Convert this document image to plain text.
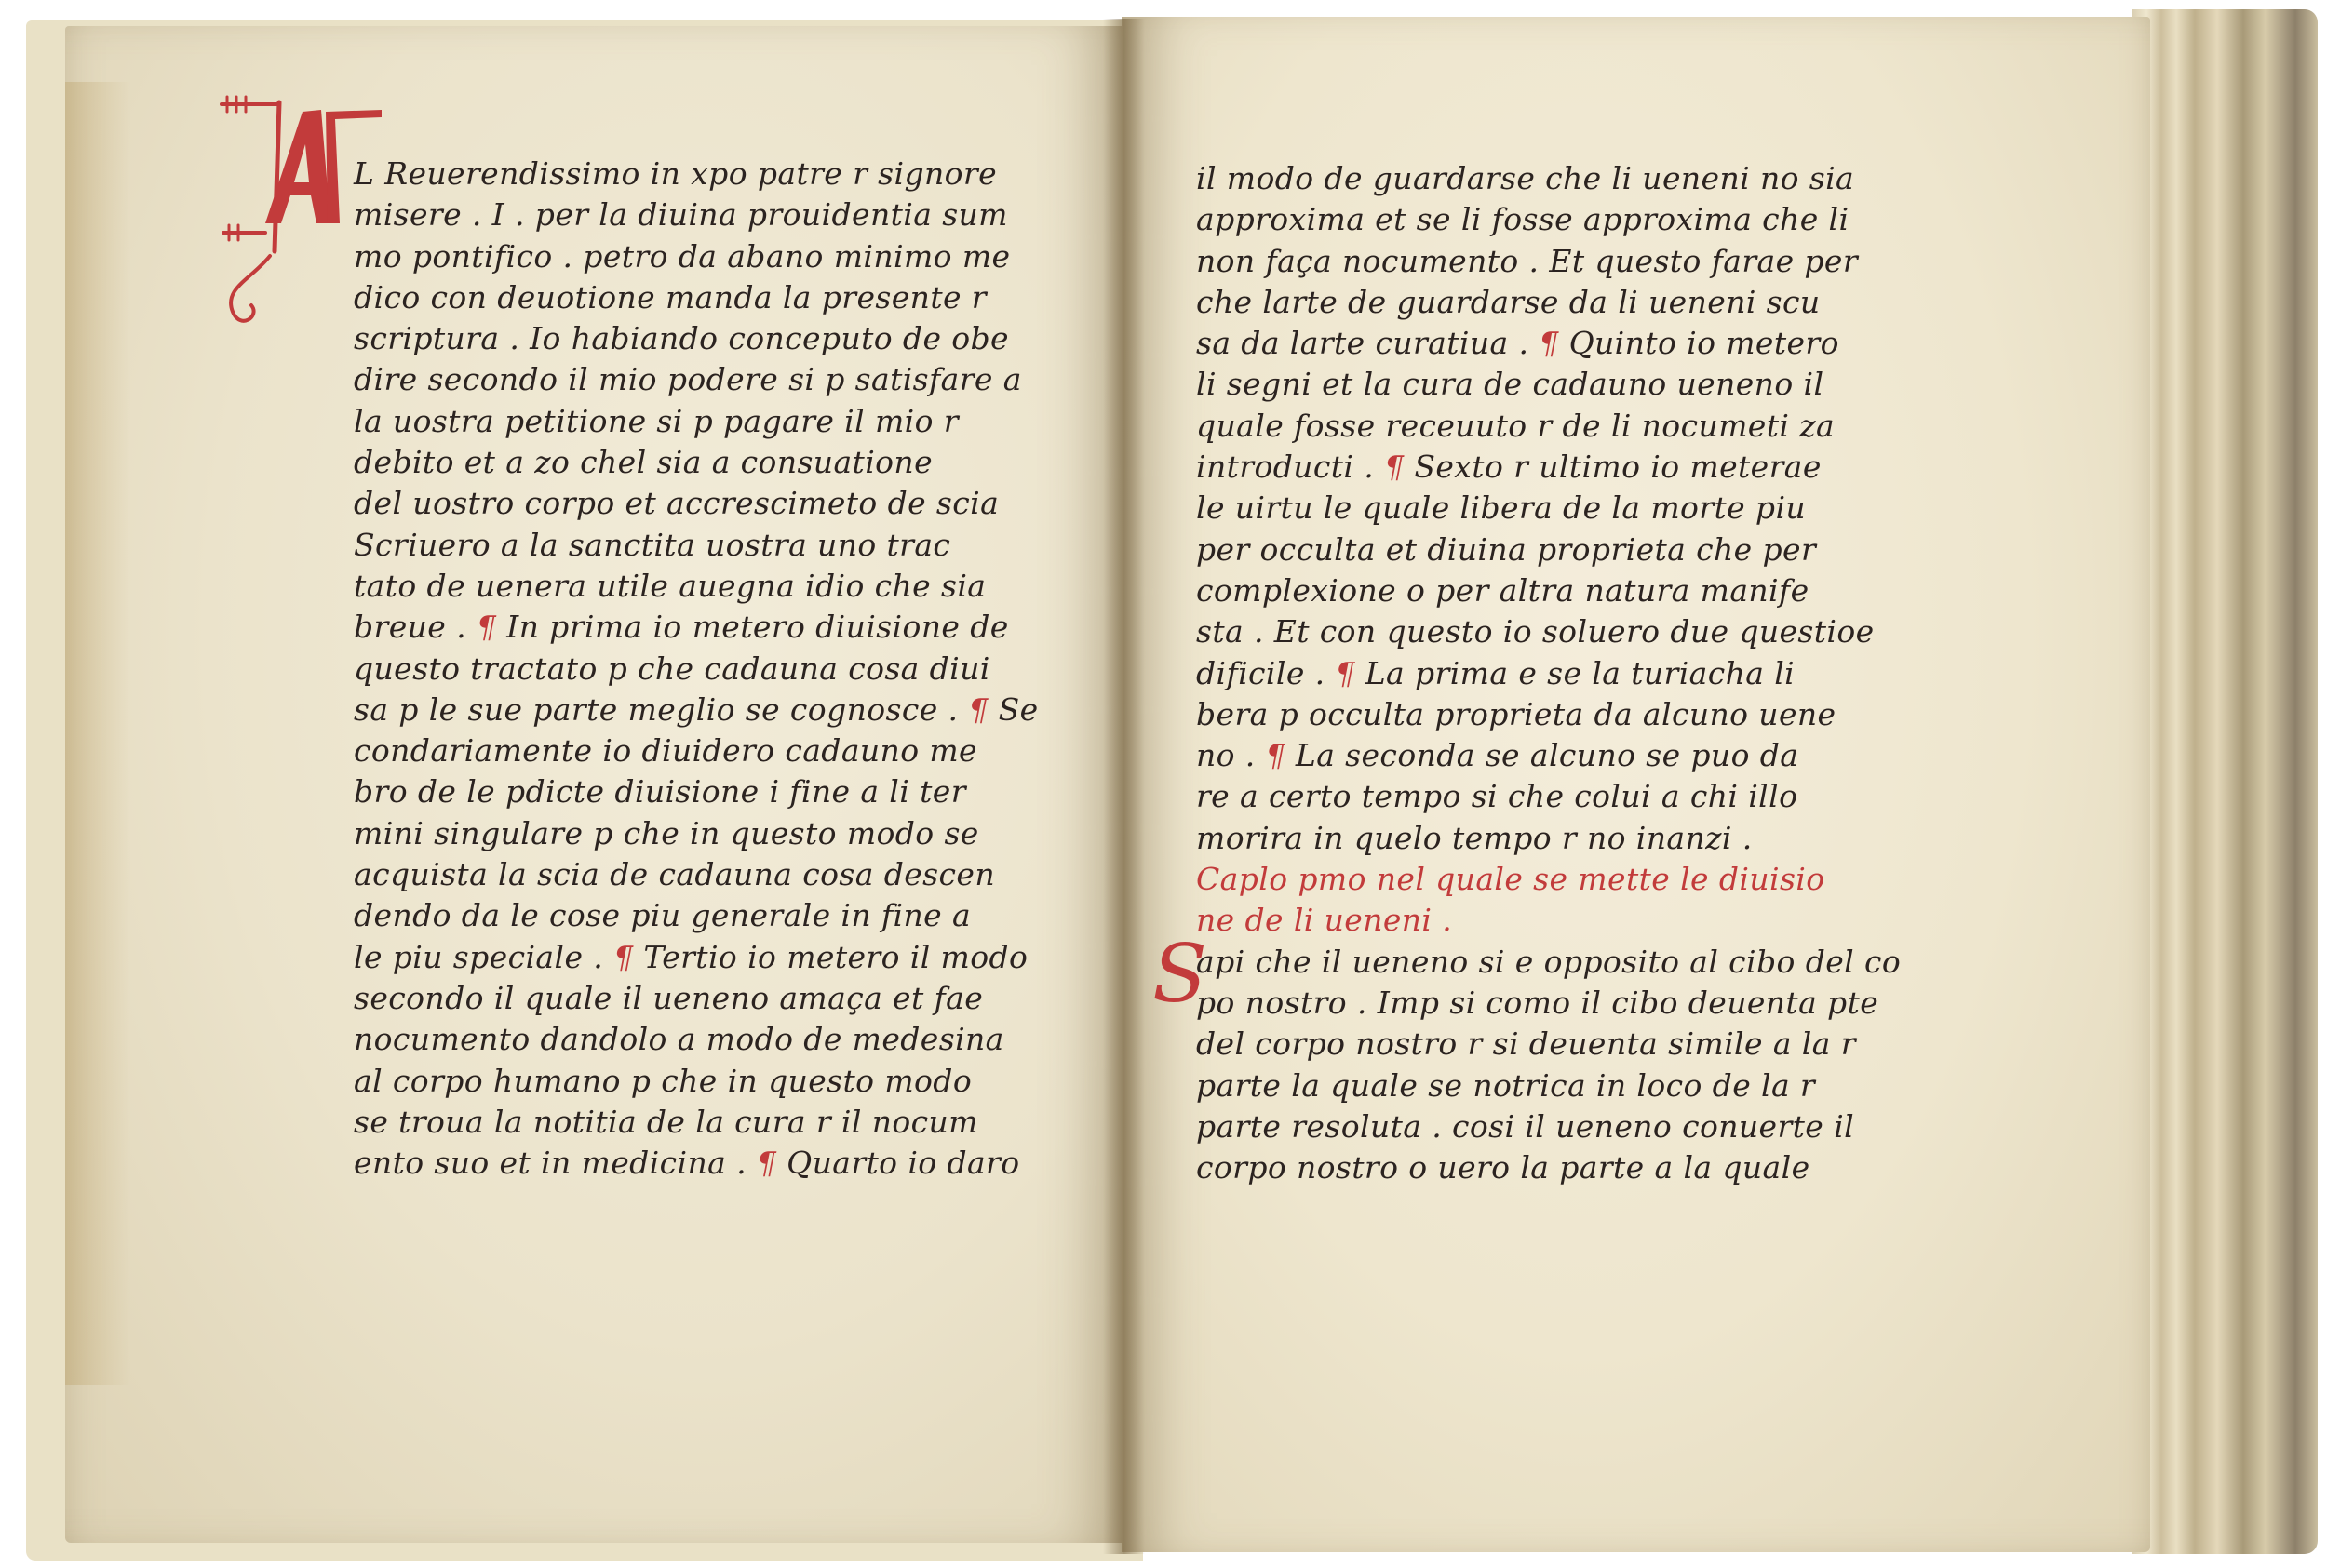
L Reuerendissimo in xpo patre r signore
misere . I . per la diuina prouidentia sum
mo pontifico . petro da abano minimo me
dico con deuotione manda la presente r
scriptura . Io habiando conceputo de obe
dire secondo il mio podere si p satisfare a
la uostra petitione si p pagare il mio r
debito et a zo chel sia a consuatione
del uostro corpo et accrescimeto de scia
Scriuero a la sanctita uostra uno trac
tato de uenera utile auegna idio che sia
breue . ¶ In prima io metero diuisione de
questo tractato p che cadauna cosa diui
sa p le sue parte meglio se cognosce . ¶ Se
condariamente io diuidero cadauno me
bro de le pdicte diuisione i fine a li ter
mini singulare p che in questo modo se
acquista la scia de cadauna cosa descen
dendo da le cose piu generale in fine a
le piu speciale . ¶ Tertio io metero il modo
secondo il quale il ueneno amaça et fae
nocumento dandolo a modo de medesina
al corpo humano p che in questo modo
se troua la notitia de la cura r il nocum
ento suo et in medicina . ¶ Quarto io daro
il modo de guardarse che li ueneni no sia
approxima et se li fosse approxima che li
non faça nocumento . Et questo farae per
che larte de guardarse da li ueneni scu
sa da larte curatiua . ¶ Quinto io metero
li segni et la cura de cadauno ueneno il
quale fosse receuuto r de li nocumeti za
introducti . ¶ Sexto r ultimo io meterae
le uirtu le quale libera de la morte piu
per occulta et diuina proprieta che per
complexione o per altra natura manife
sta . Et con questo io soluero due questioe
dificile . ¶ La prima e se la turiacha li
bera p occulta proprieta da alcuno uene
no . ¶ La seconda se alcuno se puo da
re a certo tempo si che colui a chi illo
morira in quelo tempo r no inanzi .
Caplo pmo nel quale se mette le diuisio
ne de li ueneni .
api che il ueneno si e opposito al cibo del co
po nostro . Imp si como il cibo deuenta pte
del corpo nostro r si deuenta simile a la r
parte la quale se notrica in loco de la r
parte resoluta . cosi il ueneno conuerte il
corpo nostro o uero la parte a la quale
S
